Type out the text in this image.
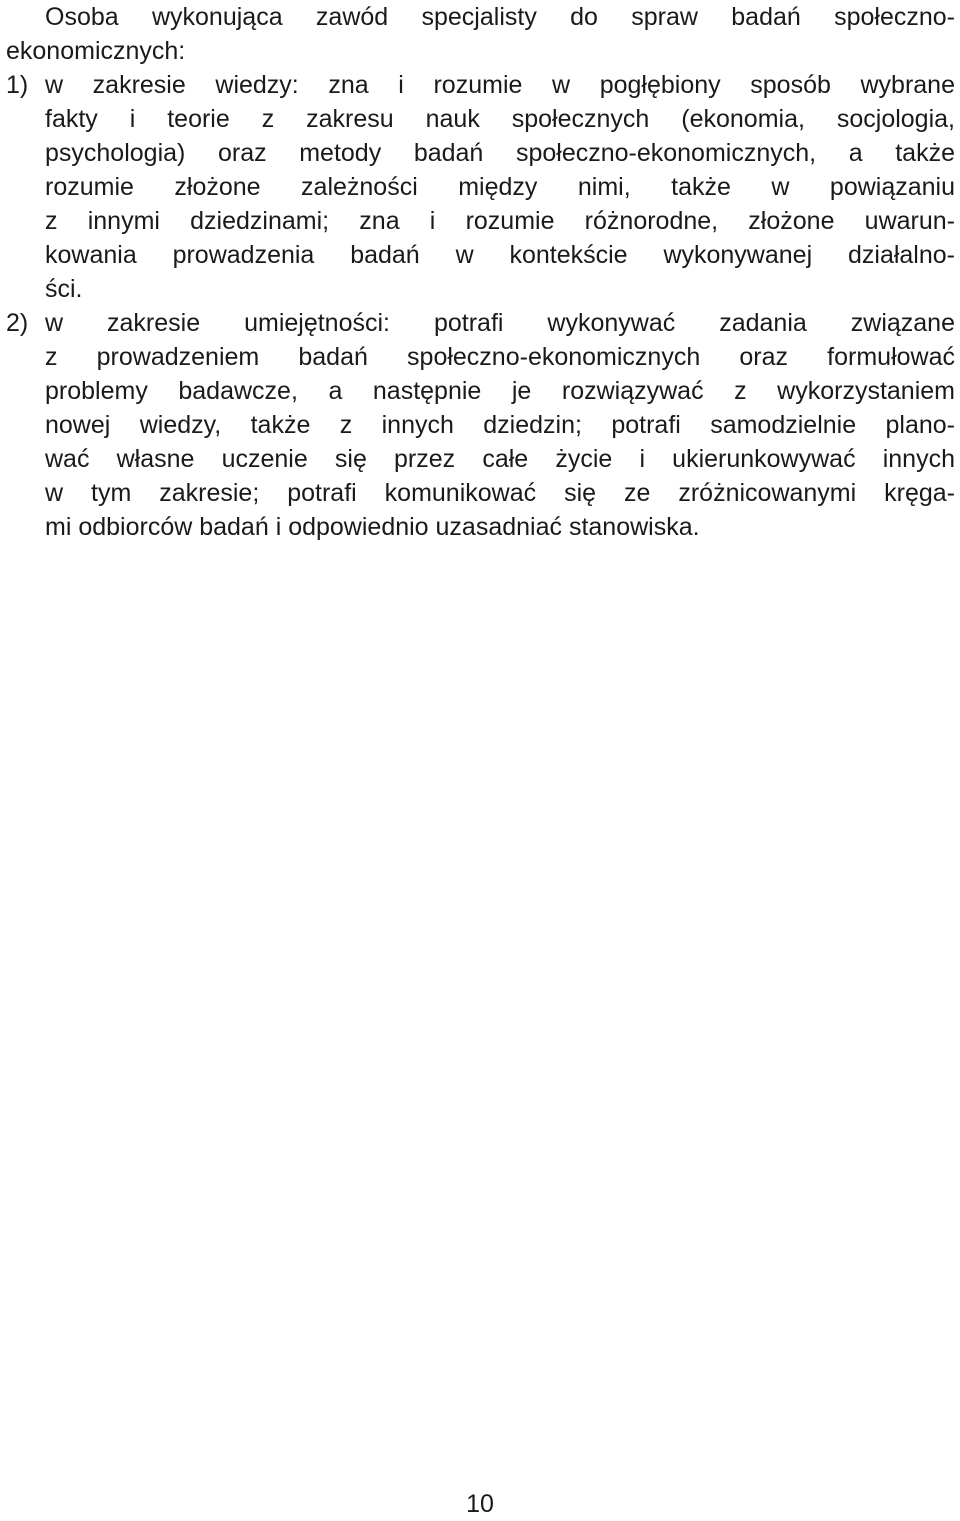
Osoba wykonująca zawód specjalisty do spraw badań społeczno-
ekonomicznych:
1) w zakresie wiedzy: zna i rozumie w pogłębiony sposób wybrane
fakty i teorie z zakresu nauk społecznych (ekonomia, socjologia,
psychologia) oraz metody badań społeczno-ekonomicznych, a także
rozumie złożone zależności między nimi, także w powiązaniu
z innymi dziedzinami; zna i rozumie różnorodne, złożone uwarun-
kowania prowadzenia badań w kontekście wykonywanej działalno-
ści.
2) w zakresie umiejętności: potrafi wykonywać zadania związane
z prowadzeniem badań społeczno-ekonomicznych oraz formułować
problemy badawcze, a następnie je rozwiązywać z wykorzystaniem
nowej wiedzy, także z innych dziedzin; potrafi samodzielnie plano-
wać własne uczenie się przez całe życie i ukierunkowywać innych
w tym zakresie; potrafi komunikować się ze zróżnicowanymi kręga-
mi odbiorców badań i odpowiednio uzasadniać stanowiska.
10
